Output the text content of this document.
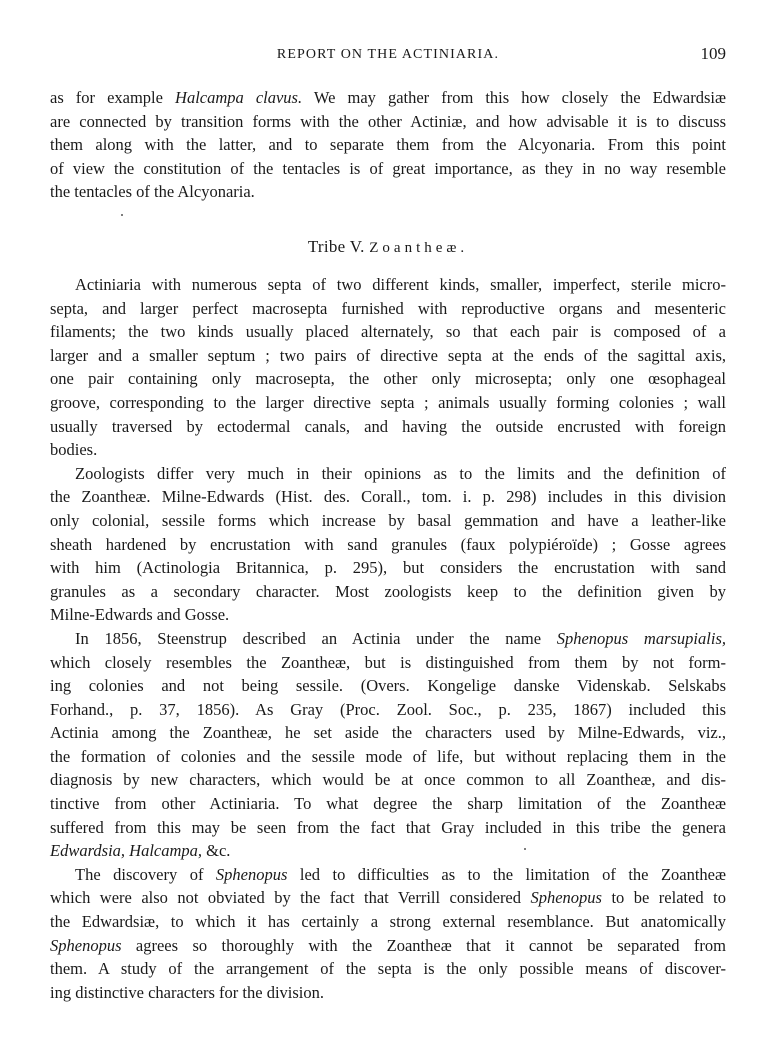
REPORT ON THE ACTINIARIA.	109
as for example Halcampa clavus. We may gather from this how closely the Edwardsiæ
are connected by transition forms with the other Actiniæ, and how advisable it is to discuss
them along with the latter, and to separate them from the Alcyonaria. From this point
of view the constitution of the tentacles is of great importance, as they in no way resemble
the tentacles of the Alcyonaria.
Tribe V. Zoantheæ.
Actiniaria with numerous septa of two different kinds, smaller, imperfect, sterile micro-
septa, and larger perfect macrosepta furnished with reproductive organs and mesenteric
filaments; the two kinds usually placed alternately, so that each pair is composed of a
larger and a smaller septum ; two pairs of directive septa at the ends of the sagittal axis,
one pair containing only macrosepta, the other only microsepta; only one œsophageal
groove, corresponding to the larger directive septa ; animals usually forming colonies ; wall
usually traversed by ectodermal canals, and having the outside encrusted with foreign
bodies.
Zoologists differ very much in their opinions as to the limits and the definition of
the Zoantheæ. Milne-Edwards (Hist. des. Corall., tom. i. p. 298) includes in this division
only colonial, sessile forms which increase by basal gemmation and have a leather-like
sheath hardened by encrustation with sand granules (faux polypiéroïde) ; Gosse agrees
with him (Actinologia Britannica, p. 295), but considers the encrustation with sand
granules as a secondary character. Most zoologists keep to the definition given by
Milne-Edwards and Gosse.
In 1856, Steenstrup described an Actinia under the name Sphenopus marsupialis,
which closely resembles the Zoantheæ, but is distinguished from them by not form-
ing colonies and not being sessile. (Overs. Kongelige danske Videnskab. Selskabs
Forhand., p. 37, 1856). As Gray (Proc. Zool. Soc., p. 235, 1867) included this
Actinia among the Zoantheæ, he set aside the characters used by Milne-Edwards, viz.,
the formation of colonies and the sessile mode of life, but without replacing them in the
diagnosis by new characters, which would be at once common to all Zoantheæ, and dis-
tinctive from other Actiniaria. To what degree the sharp limitation of the Zoantheæ
suffered from this may be seen from the fact that Gray included in this tribe the genera
Edwardsia, Halcampa, &c.
The discovery of Sphenopus led to difficulties as to the limitation of the Zoantheæ
which were also not obviated by the fact that Verrill considered Sphenopus to be related to
the Edwardsiæ, to which it has certainly a strong external resemblance. But anatomically
Sphenopus agrees so thoroughly with the Zoantheæ that it cannot be separated from
them. A study of the arrangement of the septa is the only possible means of discover-
ing distinctive characters for the division.
